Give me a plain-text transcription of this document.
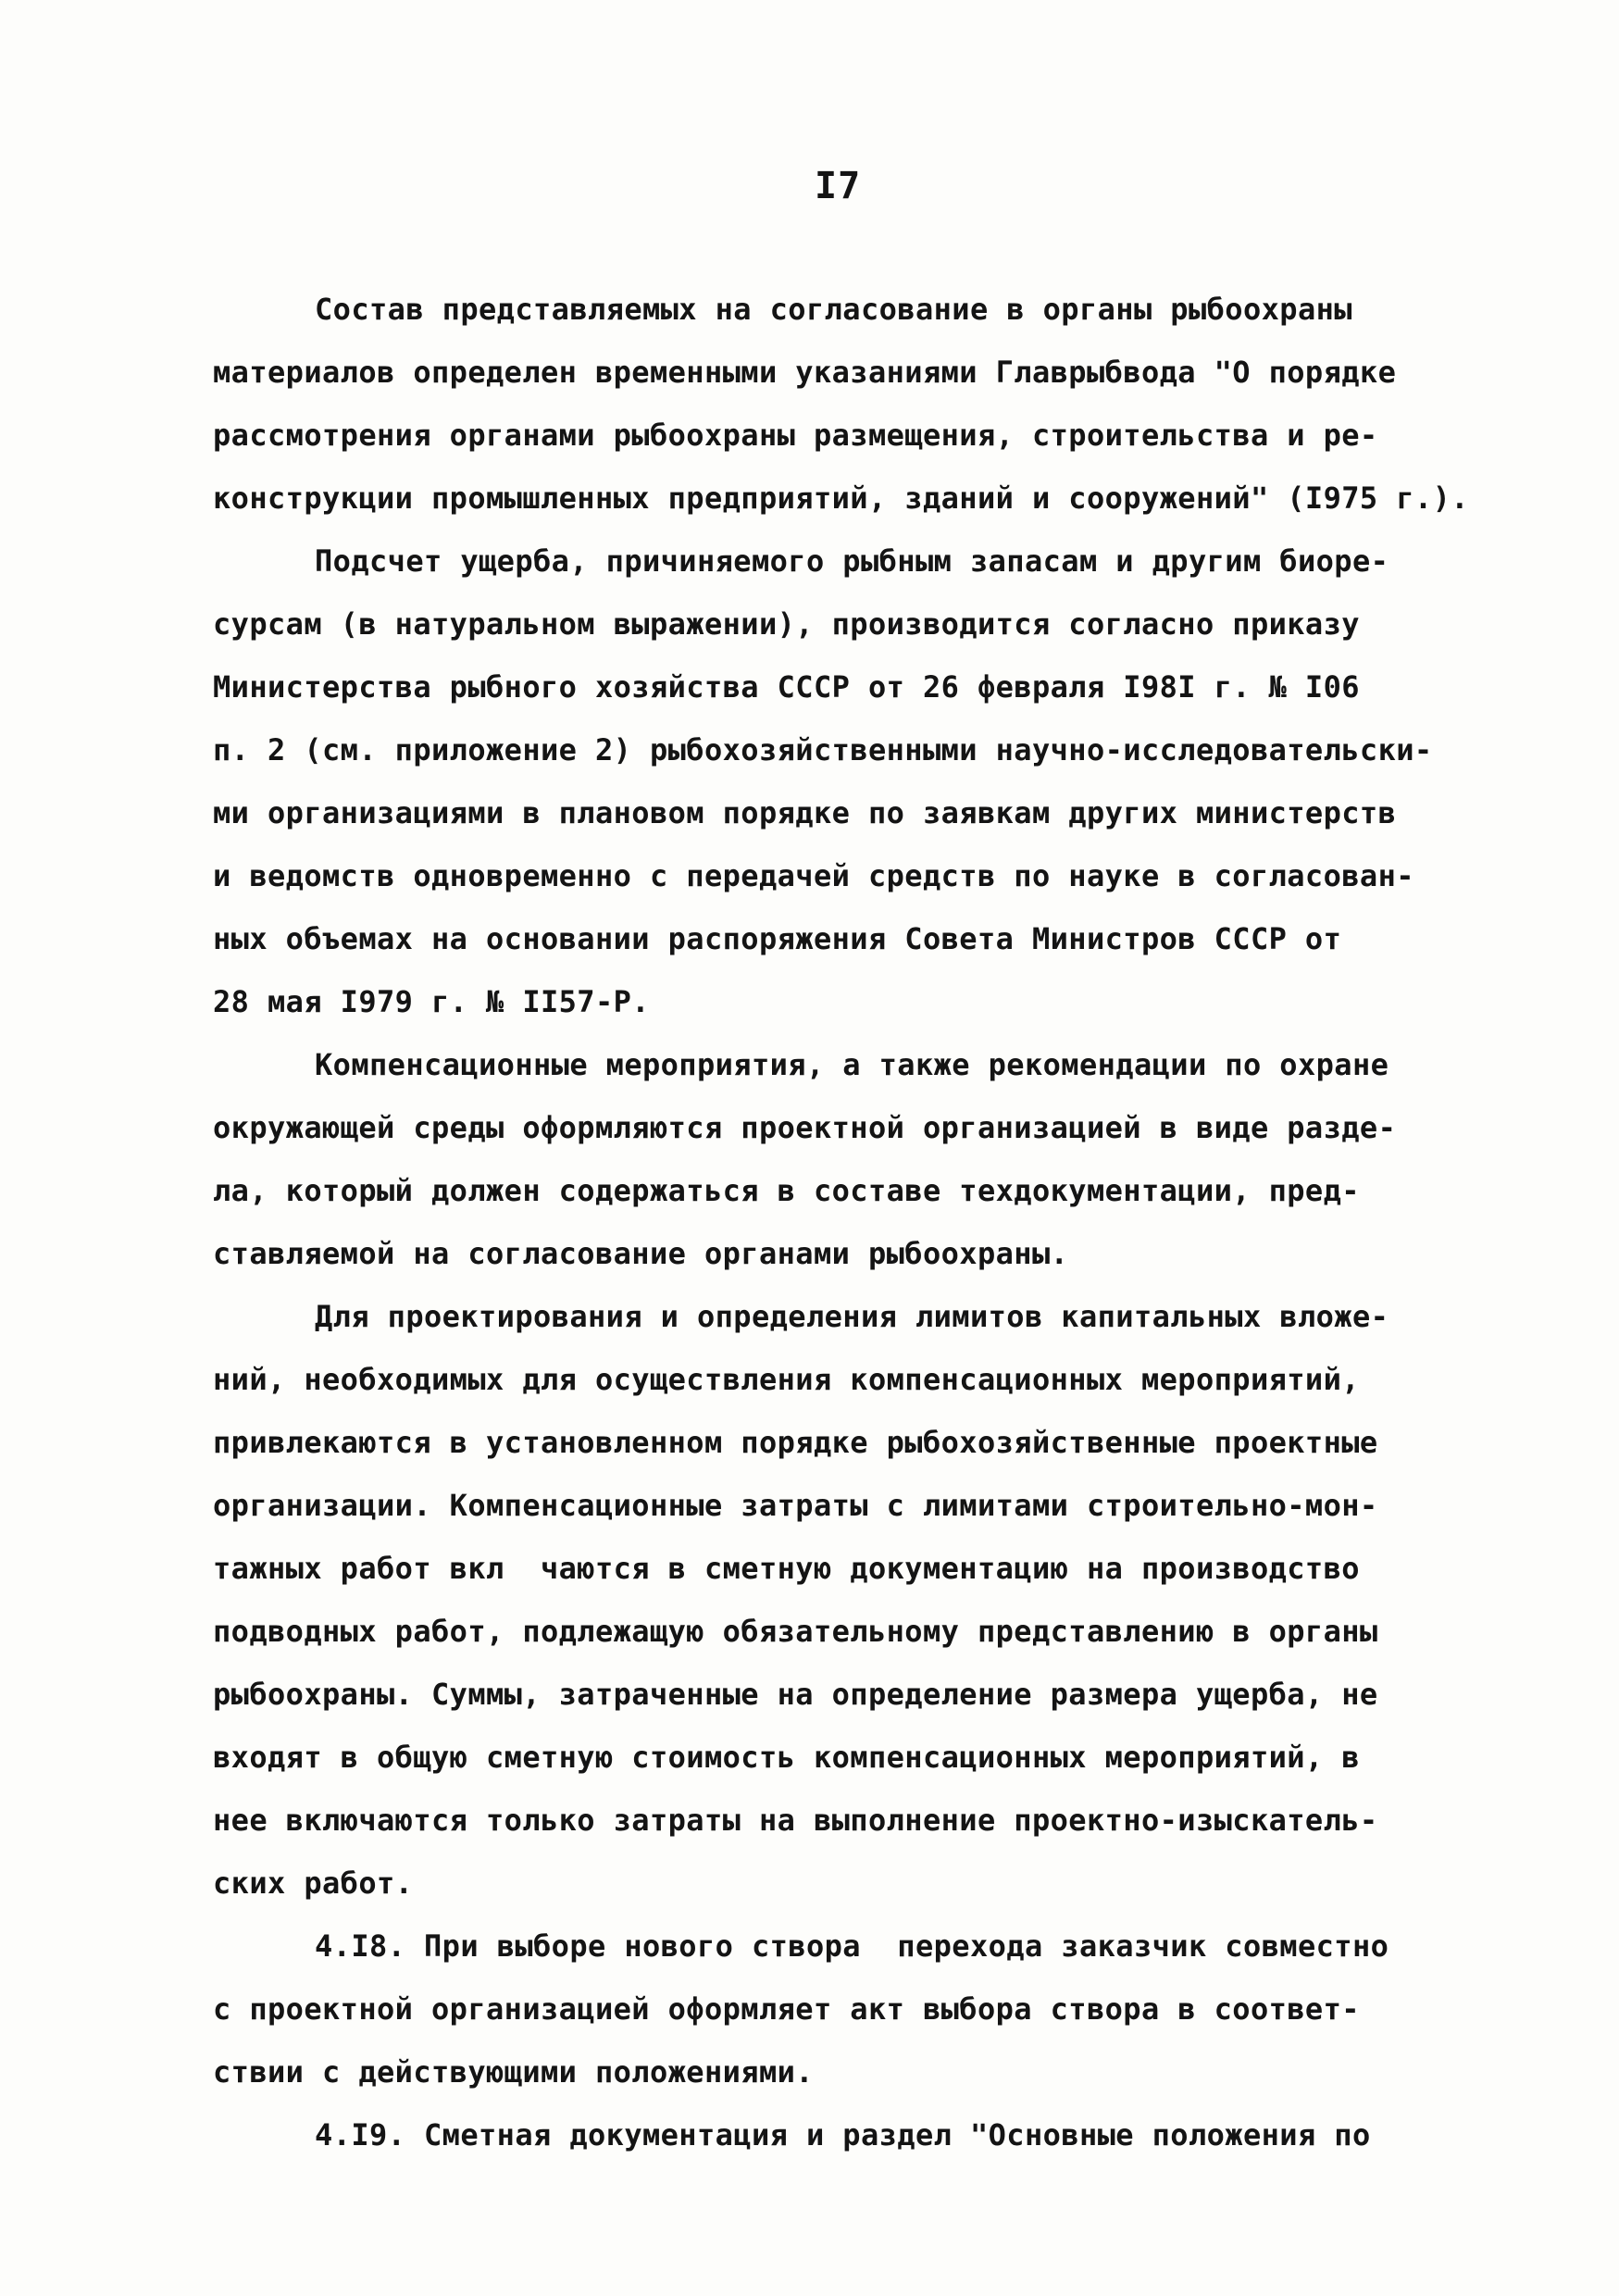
I7
Состав представляемых на согласование в органы рыбоохраны
материалов определен временными указаниями Главрыбвода "О порядке
рассмотрения органами рыбоохраны размещения, строительства и ре-
конструкции промышленных предприятий, зданий и сооружений" (I975 г.).
Подсчет ущерба, причиняемого рыбным запасам и другим биоре-
сурсам (в натуральном выражении), производится согласно приказу
Министерства рыбного хозяйства СССР от 26 февраля I98I г. № I06
п. 2 (см. приложение 2) рыбохозяйственными научно-исследовательски-
ми организациями в плановом порядке по заявкам других министерств
и ведомств одновременно с передачей средств по науке в согласован-
ных объемах на основании распоряжения Совета Министров СССР от
28 мая I979 г. № II57-Р.
Компенсационные мероприятия, а также рекомендации по охране
окружающей среды оформляются проектной организацией в виде разде-
ла, который должен содержаться в составе техдокументации, пред-
ставляемой на согласование органами рыбоохраны.
Для проектирования и определения лимитов капитальных вложе-
ний, необходимых для осуществления компенсационных мероприятий,
привлекаются в установленном порядке рыбохозяйственные проектные
организации. Компенсационные затраты с лимитами строительно-мон-
тажных работ вкл  чаются в сметную документацию на производство
подводных работ, подлежащую обязательному представлению в органы
рыбоохраны. Суммы, затраченные на определение размера ущерба, не
входят в общую сметную стоимость компенсационных мероприятий, в
нее включаются только затраты на выполнение проектно-изыскатель-
ских работ.
4.I8. При выборе нового створа  перехода заказчик совместно
с проектной организацией оформляет акт выбора створа в соответ-
ствии с действующими положениями.
4.I9. Сметная документация и раздел "Основные положения по
